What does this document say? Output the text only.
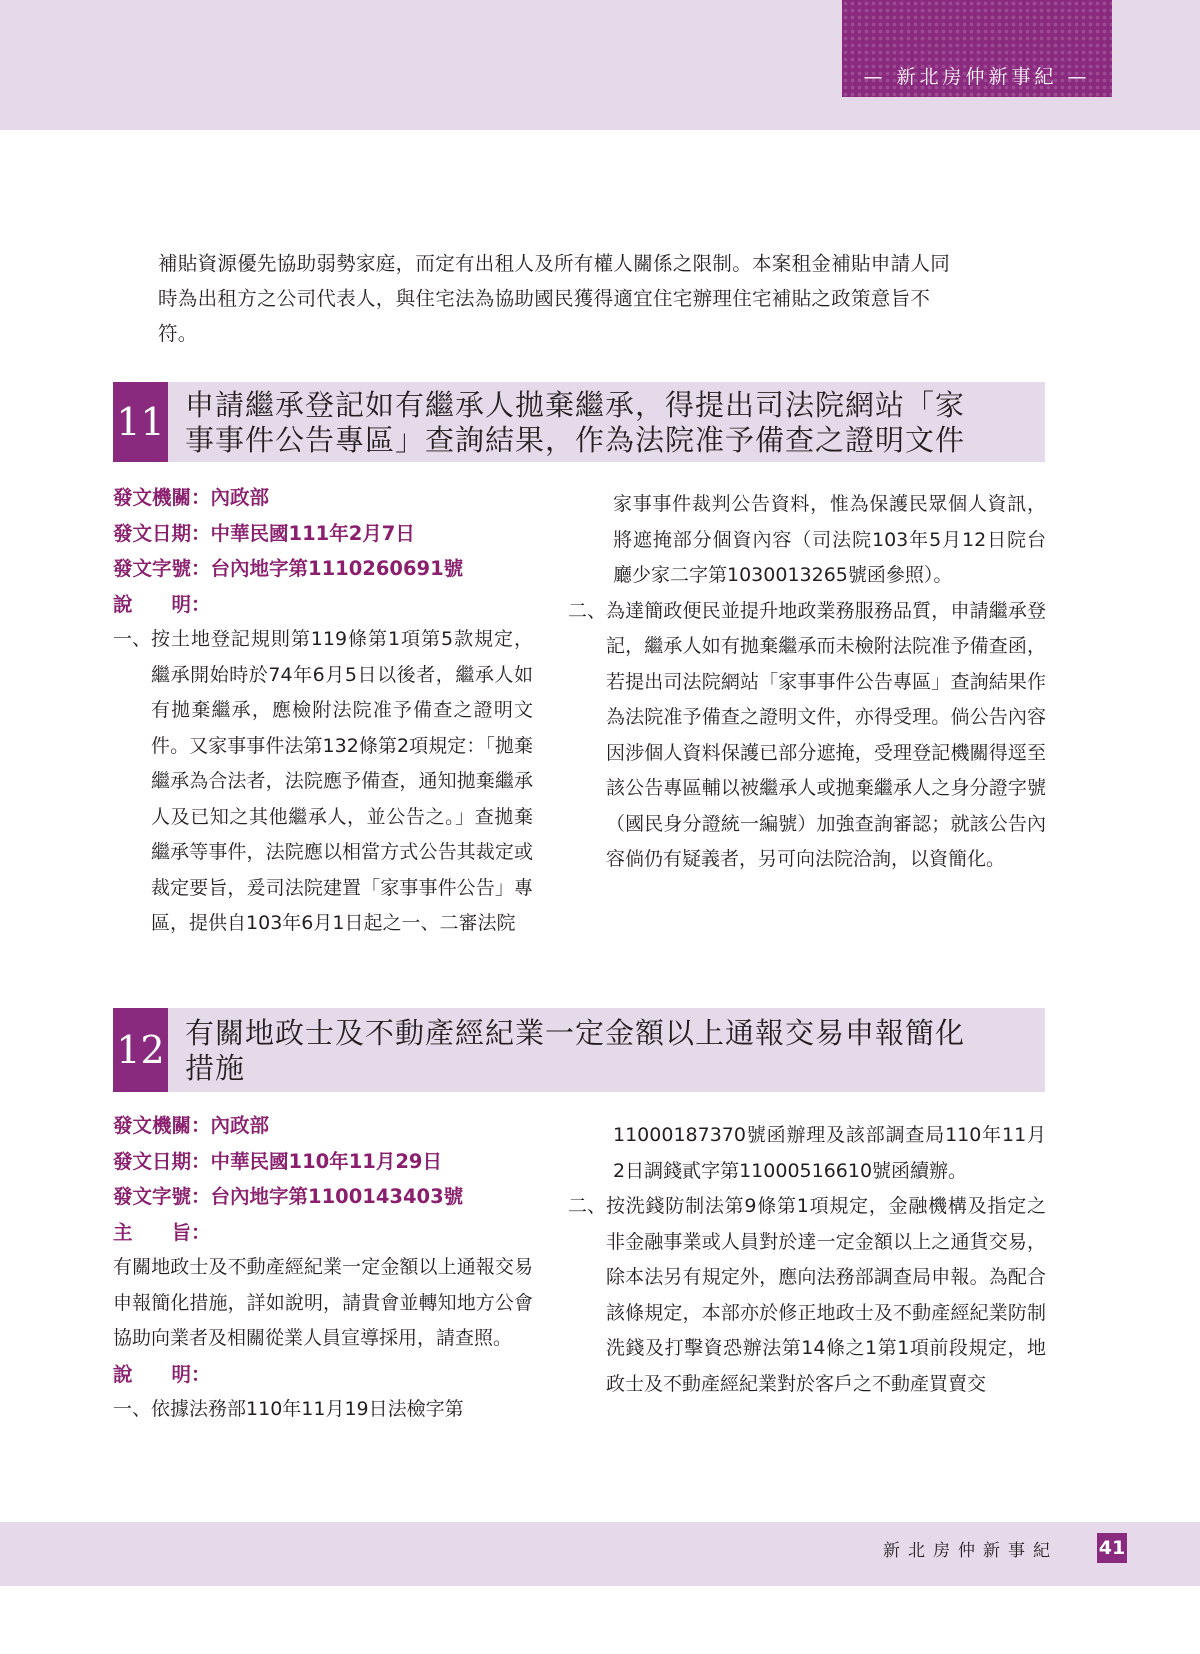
— 新北房仲新事紀 —

補貼資源優先協助弱勢家庭，而定有出租人及所有權人關係之限制。本案租金補貼申請人同

時為出租方之公司代表人，與住宅法為協助國民獲得適宜住宅辦理住宅補貼之政策意旨不

符。

11 申請繼承登記如有繼承人拋棄繼承，得提出司法院網站「家
事事件公告專區」查詢結果，作為法院准予備查之證明文件
發文機關：內政部
發文日期：中華民國111年2月7日
發文字號：台內地字第1110260691號
說　　明：
一、 按土地登記規則第119條第1項第5款規定，繼承開始時於74年6月5日以後者，繼承人如有拋棄繼承，應檢附法院准予備查之證明文件。又家事事件法第132條第2項規定：「拋棄繼承為合法者，法院應予備查，通知拋棄繼承人及已知之其他繼承人，並公告之。」查拋棄繼承等事件，法院應以相當方式公告其裁定或裁定要旨，爰司法院建置「家事事件公告」專區，提供自103年6月1日起之一、二審法院

家事事件裁判公告資料，惟為保護民眾個人資訊，將遮掩部分個資內容（司法院103年5月12日院台廳少家二字第1030013265號函參照）。

二、 為達簡政便民並提升地政業務服務品質，申請繼承登記，繼承人如有拋棄繼承而未檢附法院准予備查函，若提出司法院網站「家事事件公告專區」查詢結果作為法院准予備查之證明文件，亦得受理。倘公告內容因涉個人資料保護已部分遮掩，受理登記機關得逕至該公告專區輔以被繼承人或拋棄繼承人之身分證字號（國民身分證統一編號）加強查詢審認；就該公告內容倘仍有疑義者，另可向法院洽詢，以資簡化。
12 有關地政士及不動產經紀業一定金額以上通報交易申報簡化
措施
發文機關：內政部
發文日期：中華民國110年11月29日
發文字號：台內地字第1100143403號
主　　旨：

有關地政士及不動產經紀業一定金額以上通報交易申報簡化措施，詳如說明，請貴會並轉知地方公會協助向業者及相關從業人員宣導採用，請查照。

說　　明：
一、 依據法務部110年11月19日法檢字第

11000187370號函辦理及該部調查局110年11月2日調錢貳字第11000516610號函續辦。

二、 按洗錢防制法第9條第1項規定，金融機構及指定之非金融事業或人員對於達一定金額以上之通貨交易，除本法另有規定外，應向法務部調查局申報。為配合該條規定，本部亦於修正地政士及不動產經紀業防制洗錢及打擊資恐辦法第14條之1第1項前段規定，地政士及不動產經紀業對於客戶之不動產買賣交
新北房仲新事紀 41
